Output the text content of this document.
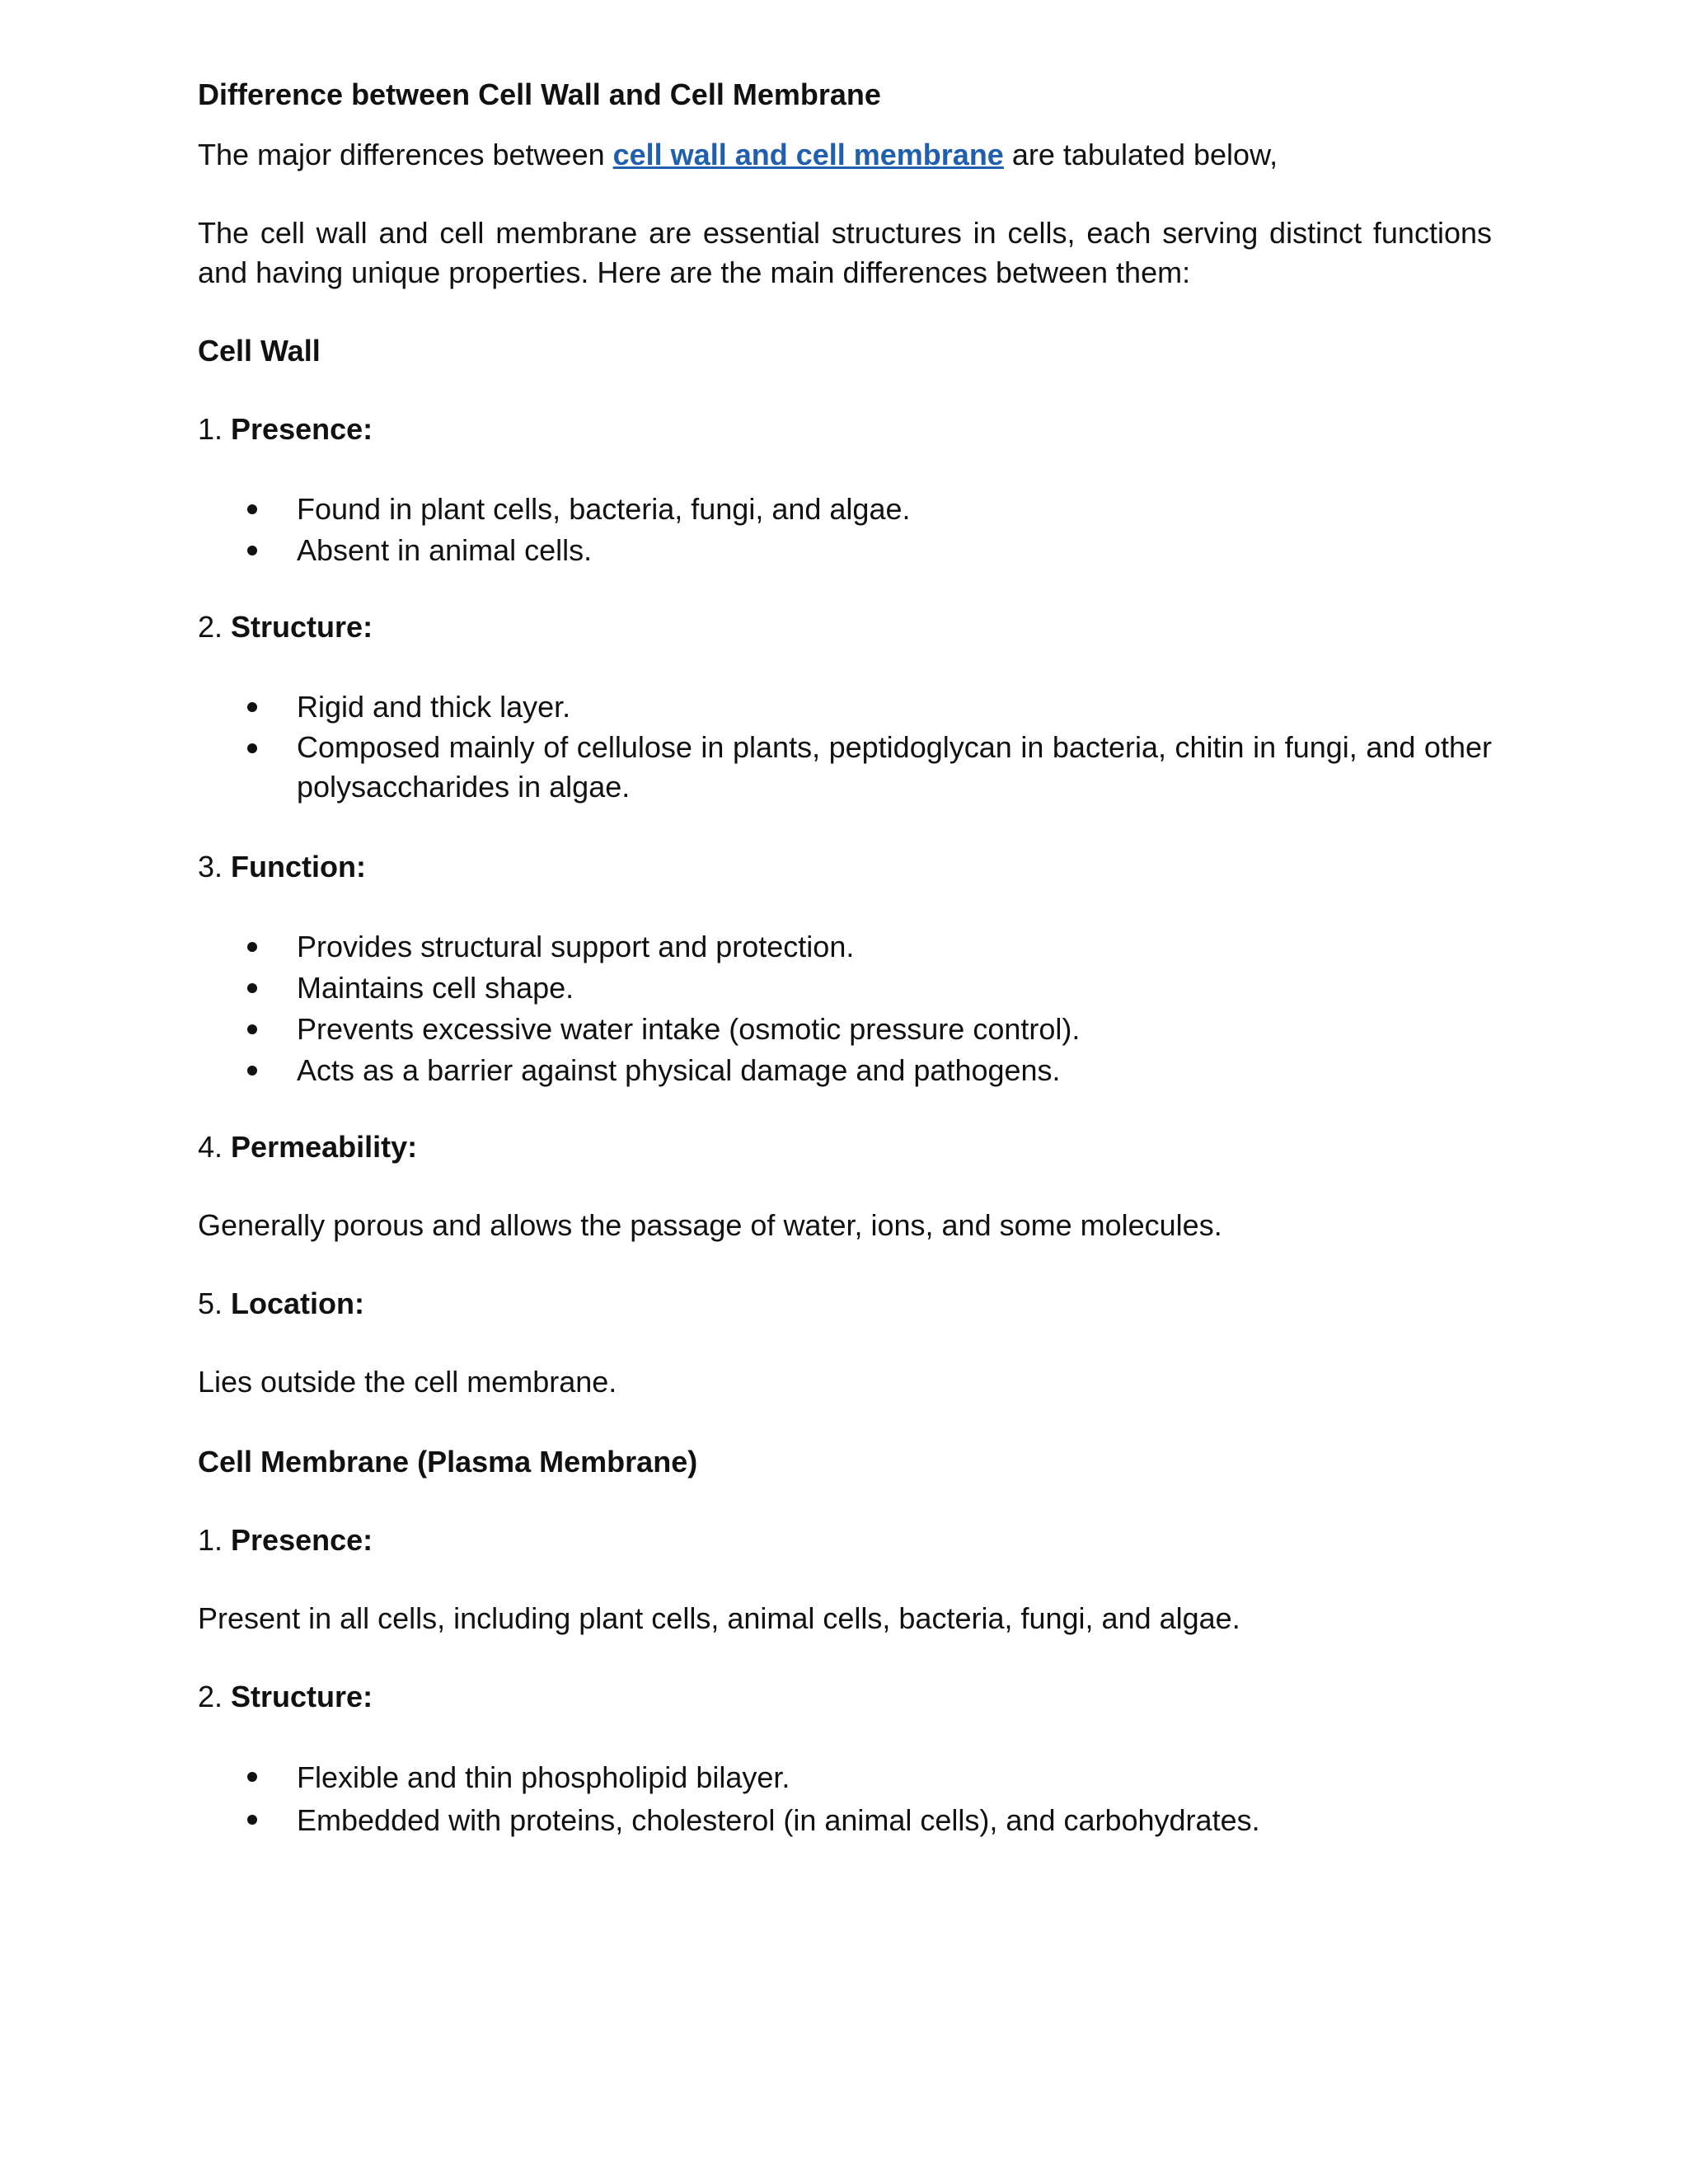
Difference between Cell Wall and Cell Membrane

The major differences between cell wall and cell membrane are tabulated below,

The cell wall and cell membrane are essential structures in cells, each serving distinct functions and having unique properties. Here are the main differences between them:

Cell Wall

1. Presence:

Found in plant cells, bacteria, fungi, and algae.
Absent in animal cells.

2. Structure:

Rigid and thick layer.
Composed mainly of cellulose in plants, peptidoglycan in bacteria, chitin in fungi, and other polysaccharides in algae.

3. Function:

Provides structural support and protection.
Maintains cell shape.
Prevents excessive water intake (osmotic pressure control).
Acts as a barrier against physical damage and pathogens.

4. Permeability:

Generally porous and allows the passage of water, ions, and some molecules.

5. Location:

Lies outside the cell membrane.

Cell Membrane (Plasma Membrane)

1. Presence:

Present in all cells, including plant cells, animal cells, bacteria, fungi, and algae.

2. Structure:

Flexible and thin phospholipid bilayer.
Embedded with proteins, cholesterol (in animal cells), and carbohydrates.
